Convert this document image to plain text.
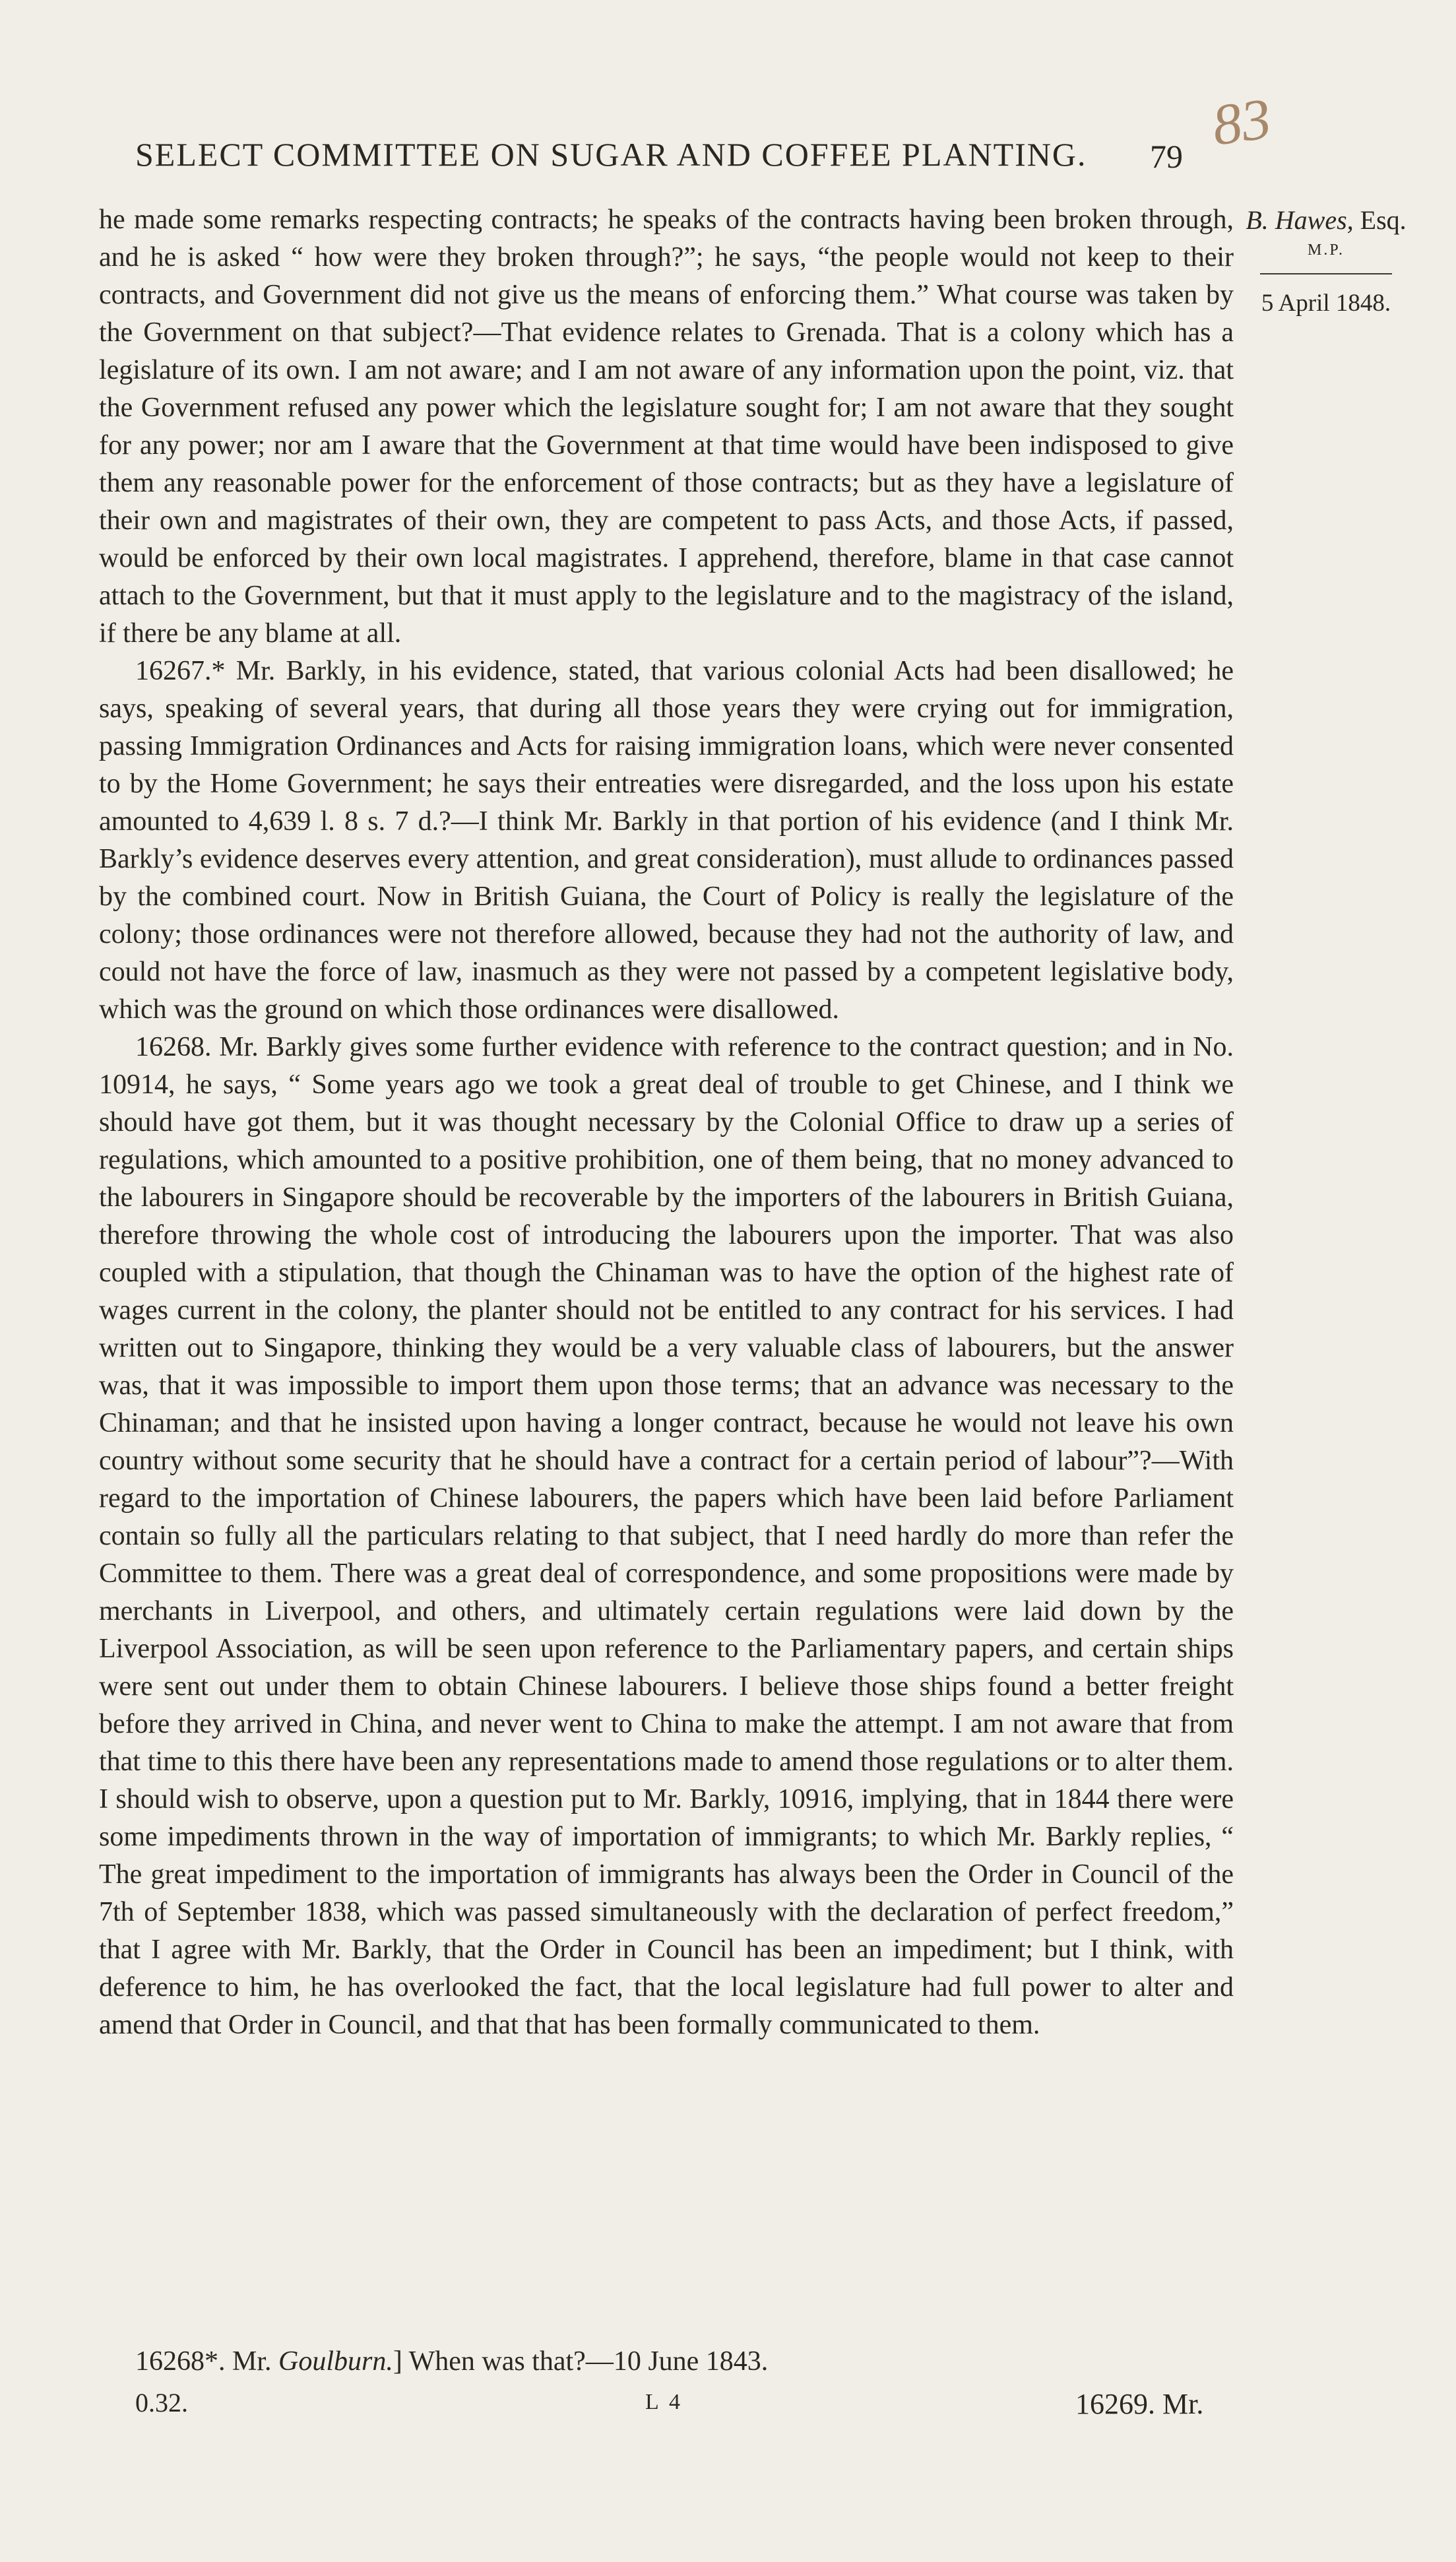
SELECT COMMITTEE ON SUGAR AND COFFEE PLANTING.	79 83
B. Hawes, Esq.
M.P.
5 April 1848.

he made some remarks respecting contracts; he speaks of the contracts having been broken through, and he is asked “ how were they broken through?”; he says, “the people would not keep to their contracts, and Government did not give us the means of enforcing them.” What course was taken by the Government on that subject?—That evidence relates to Grenada. That is a colony which has a legislature of its own. I am not aware; and I am not aware of any information upon the point, viz. that the Government refused any power which the legislature sought for; I am not aware that they sought for any power; nor am I aware that the Government at that time would have been indisposed to give them any reasonable power for the enforcement of those contracts; but as they have a legislature of their own and magistrates of their own, they are competent to pass Acts, and those Acts, if passed, would be enforced by their own local magistrates. I apprehend, therefore, blame in that case cannot attach to the Government, but that it must apply to the legislature and to the magistracy of the island, if there be any blame at all.

16267.* Mr. Barkly, in his evidence, stated, that various colonial Acts had been disallowed; he says, speaking of several years, that during all those years they were crying out for immigration, passing Immigration Ordinances and Acts for raising immigration loans, which were never consented to by the Home Government; he says their entreaties were disregarded, and the loss upon his estate amounted to 4,639 l. 8 s. 7 d.?—I think Mr. Barkly in that portion of his evidence (and I think Mr. Barkly’s evidence deserves every attention, and great consideration), must allude to ordinances passed by the combined court. Now in British Guiana, the Court of Policy is really the legislature of the colony; those ordinances were not therefore allowed, because they had not the authority of law, and could not have the force of law, inasmuch as they were not passed by a competent legislative body, which was the ground on which those ordinances were disallowed.

16268. Mr. Barkly gives some further evidence with reference to the contract question; and in No. 10914, he says, “ Some years ago we took a great deal of trouble to get Chinese, and I think we should have got them, but it was thought necessary by the Colonial Office to draw up a series of regulations, which amounted to a positive prohibition, one of them being, that no money advanced to the labourers in Singapore should be recoverable by the importers of the labourers in British Guiana, therefore throwing the whole cost of introducing the labourers upon the importer. That was also coupled with a stipulation, that though the Chinaman was to have the option of the highest rate of wages current in the colony, the planter should not be entitled to any contract for his services. I had written out to Singapore, thinking they would be a very valuable class of labourers, but the answer was, that it was impossible to import them upon those terms; that an advance was necessary to the Chinaman; and that he insisted upon having a longer contract, because he would not leave his own country without some security that he should have a contract for a certain period of labour”?—With regard to the importation of Chinese labourers, the papers which have been laid before Parliament contain so fully all the particulars relating to that subject, that I need hardly do more than refer the Committee to them. There was a great deal of correspondence, and some propositions were made by merchants in Liverpool, and others, and ultimately certain regulations were laid down by the Liverpool Association, as will be seen upon reference to the Parliamentary papers, and certain ships were sent out under them to obtain Chinese labourers. I believe those ships found a better freight before they arrived in China, and never went to China to make the attempt. I am not aware that from that time to this there have been any representations made to amend those regulations or to alter them. I should wish to observe, upon a question put to Mr. Barkly, 10916, implying, that in 1844 there were some impediments thrown in the way of importation of immigrants; to which Mr. Barkly replies, “ The great impediment to the importation of immigrants has always been the Order in Council of the 7th of September 1838, which was passed simultaneously with the declaration of perfect freedom,” that I agree with Mr. Barkly, that the Order in Council has been an impediment; but I think, with deference to him, he has overlooked the fact, that the local legislature had full power to alter and amend that Order in Council, and that that has been formally communicated to them.

16268*. Mr. Goulburn.] When was that?—10 June 1843.
0.32.	L 4	16269. Mr.
